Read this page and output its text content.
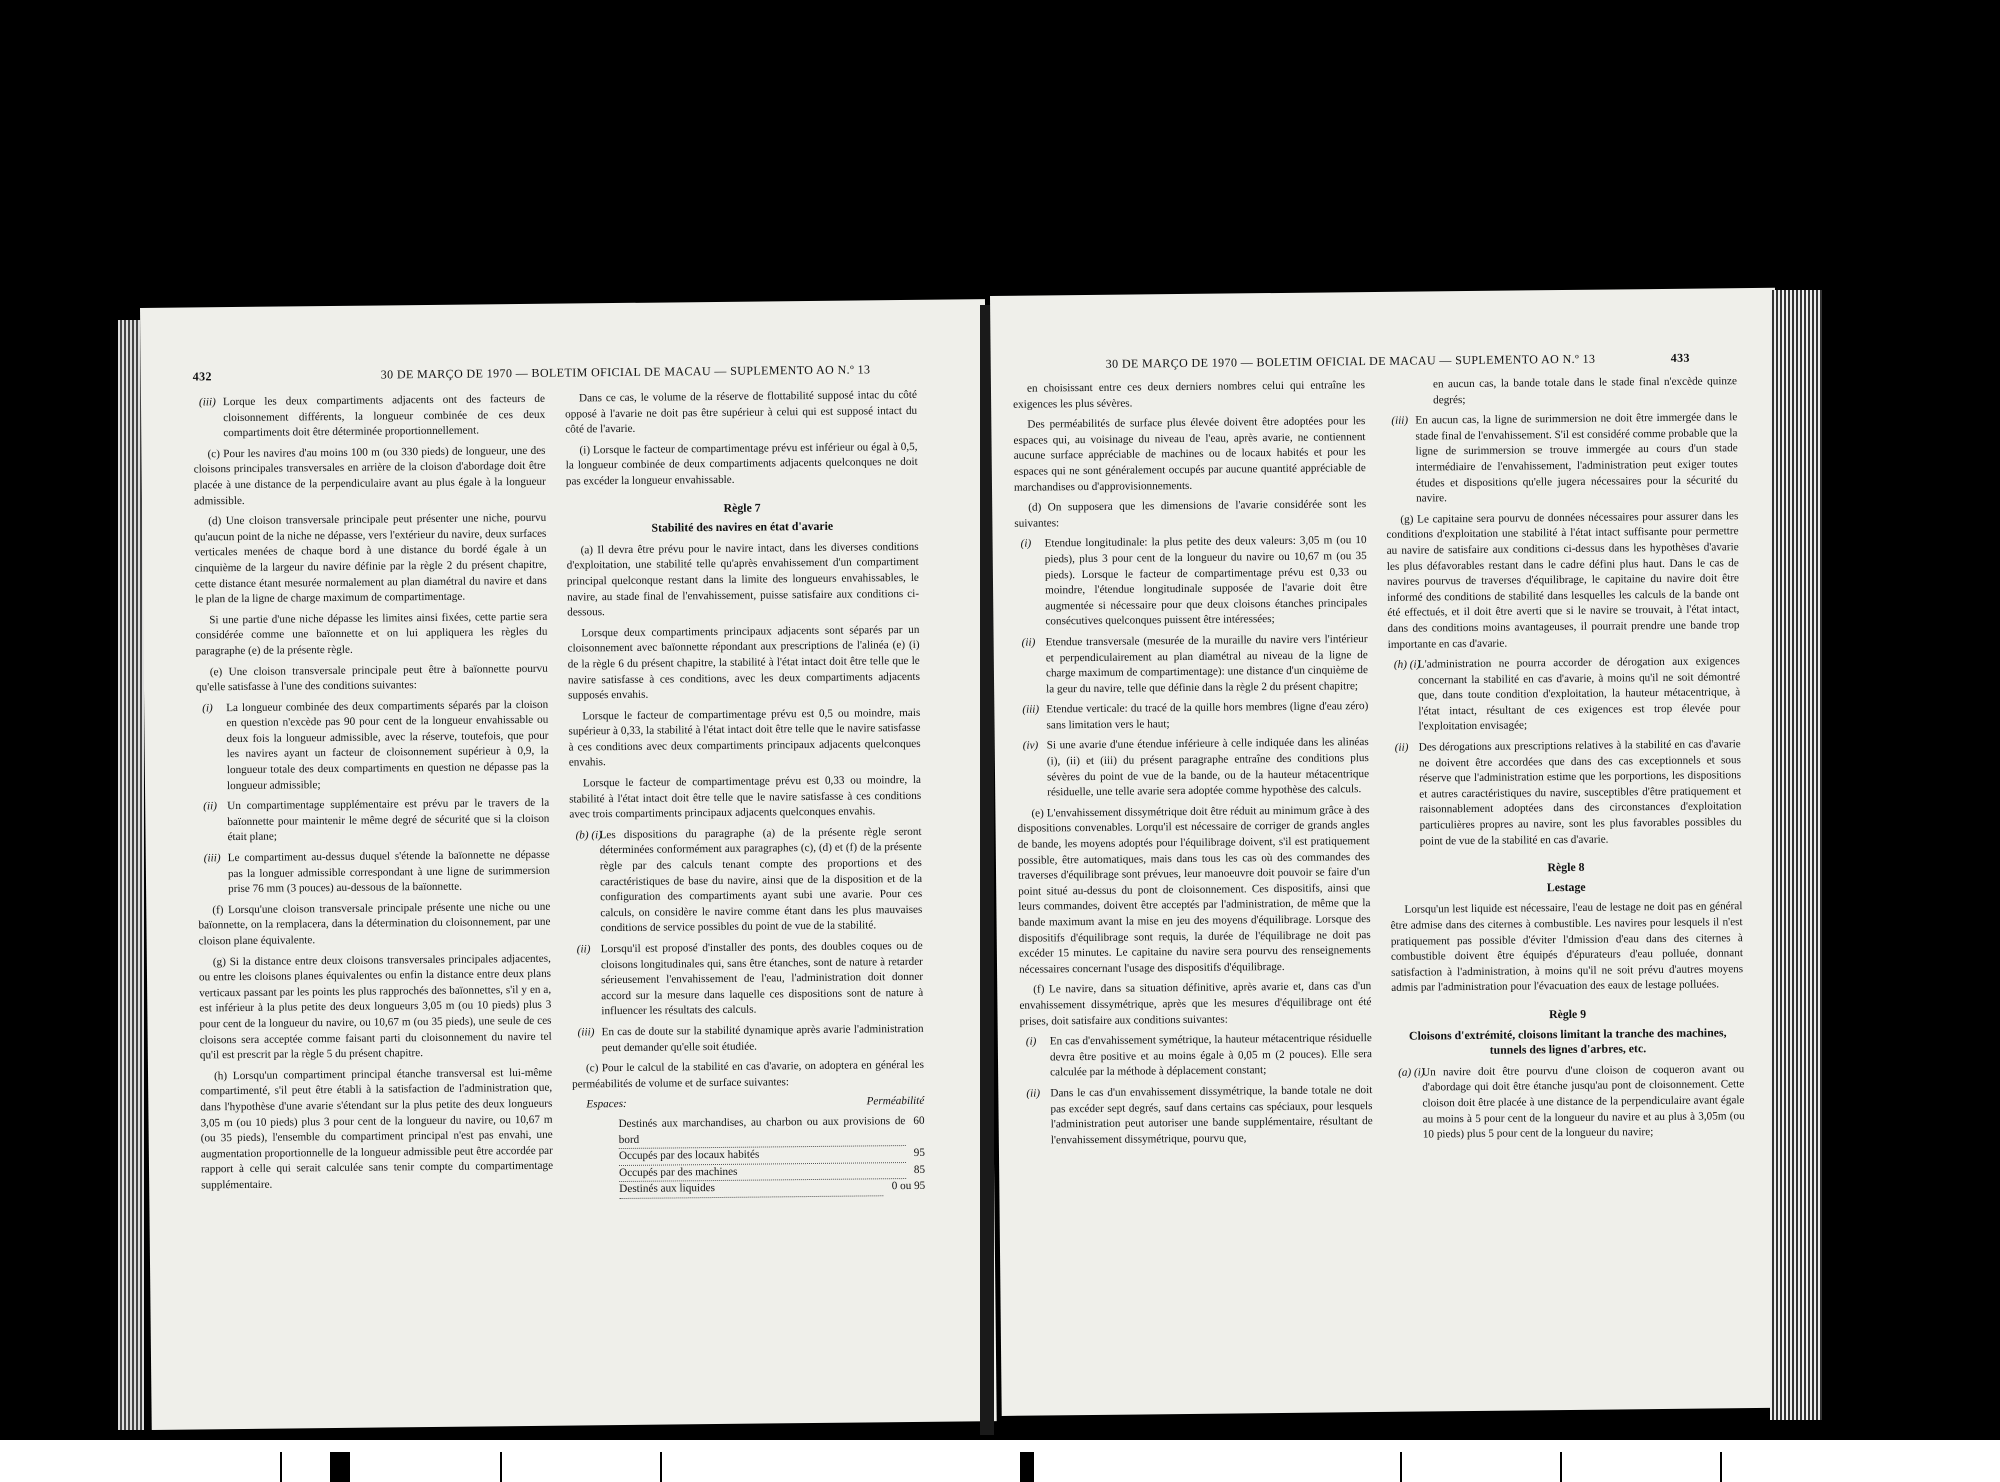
432	30 DE MARÇO DE 1970 — BOLETIM OFICIAL DE MACAU — SUPLEMENTO AO N.º 13

(iii) Lorque les deux compartiments adjacents ont des facteurs de cloisonnement différents, la longueur combinée de ces deux compartiments doit être déterminée proportionnellement.

(c) Pour les navires d'au moins 100 m (ou 330 pieds) de longueur, une des cloisons principales transversales en arrière de la cloison d'abordage doit être placée à une distance de la perpendiculaire avant au plus égale à la longueur admissible.

(d) Une cloison transversale principale peut présenter une niche, pourvu qu'aucun point de la niche ne dépasse, vers l'extérieur du navire, deux surfaces verticales menées de chaque bord à une distance du bordé égale à un cinquième de la largeur du navire définie par la règle 2 du présent chapitre, cette distance étant mesurée normalement au plan diamétral du navire et dans le plan de la ligne de charge maximum de compartimentage.

Si une partie d'une niche dépasse les limites ainsi fixées, cette partie sera considérée comme une baïonnette et on lui appliquera les règles du paragraphe (e) de la présente règle.

(e) Une cloison transversale principale peut être à baïonnette pourvu qu'elle satisfasse à l'une des conditions suivantes:

(i) La longueur combinée des deux compartiments séparés par la cloison en question n'excède pas 90 pour cent de la longueur envahissable ou deux fois la longueur admissible, avec la réserve, toutefois, que pour les navires ayant un facteur de cloisonnement supérieur à 0,9, la longueur totale des deux compartiments en question ne dépasse pas la longueur admissible;

(ii) Un compartimentage supplémentaire est prévu par le travers de la baïonnette pour maintenir le même degré de sécurité que si la cloison était plane;

(iii) Le compartiment au-dessus duquel s'étende la baïonnette ne dépasse pas la longuer admissible correspondant à une ligne de surimmersion prise 76 mm (3 pouces) au-dessous de la baïonnette.

(f) Lorsqu'une cloison transversale principale présente une niche ou une baïonnette, on la remplacera, dans la détermination du cloisonnement, par une cloison plane équivalente.

(g) Si la distance entre deux cloisons transversales principales adjacentes, ou entre les cloisons planes équivalentes ou enfin la distance entre deux plans verticaux passant par les points les plus rapprochés des baïonnettes, s'il y en a, est inférieur à la plus petite des deux longueurs 3,05 m (ou 10 pieds) plus 3 pour cent de la longueur du navire, ou 10,67 m (ou 35 pieds), une seule de ces cloisons sera acceptée comme faisant parti du cloisonnement du navire tel qu'il est prescrit par la règle 5 du présent chapitre.

(h) Lorsqu'un compartiment principal étanche transversal est lui-même compartimenté, s'il peut être établi à la satisfaction de l'administration que, dans l'hypothèse d'une avarie s'étendant sur la plus petite des deux longueurs 3,05 m (ou 10 pieds) plus 3 pour cent de la longueur du navire, ou 10,67 m (ou 35 pieds), l'ensemble du compartiment principal n'est pas envahi, une augmentation proportionnelle de la longueur admissible peut être accordée par rapport à celle qui serait calculée sans tenir compte du compartimentage supplémentaire.

Dans ce cas, le volume de la réserve de flottabilité supposé intac du côté opposé à l'avarie ne doit pas être supérieur à celui qui est supposé intact du côté de l'avarie.

(i) Lorsque le facteur de compartimentage prévu est inférieur ou égal à 0,5, la longueur combinée de deux compartiments adjacents quelconques ne doit pas excéder la longueur envahissable.

Règle 7
Stabilité des navires en état d'avarie

(a) Il devra être prévu pour le navire intact, dans les diverses conditions d'exploitation, une stabilité telle qu'après envahissement d'un compartiment principal quelconque restant dans la limite des longueurs envahissables, le navire, au stade final de l'envahissement, puisse satisfaire aux conditions ci-dessous.

Lorsque deux compartiments principaux adjacents sont séparés par un cloisonnement avec baïonnette répondant aux prescriptions de l'alinéa (e) (i) de la règle 6 du présent chapitre, la stabilité à l'état intact doit être telle que le navire satisfasse à ces conditions, avec les deux compartiments adjacents supposés envahis.

Lorsque le facteur de compartimentage prévu est 0,5 ou moindre, mais supérieur à 0,33, la stabilité à l'état intact doit être telle que le navire satisfasse à ces conditions avec deux compartiments principaux adjacents quelconques envahis.

Lorsque le facteur de compartimentage prévu est 0,33 ou moindre, la stabilité à l'état intact doit être telle que le navire satisfasse à ces conditions avec trois compartiments principaux adjacents quelconques envahis.

(b) (i)
Les dispositions du paragraphe (a) de la présente règle seront déterminées conformément aux paragraphes (c), (d) et (f) de la présente règle par des calculs tenant compte des proportions et des caractéristiques de base du navire, ainsi que de la disposition et de la configuration des compartiments ayant subi une avarie. Pour ces calculs, on considère le navire comme étant dans les plus mauvaises conditions de service possibles du point de vue de la stabilité.

(ii) Lorsqu'il est proposé d'installer des ponts, des doubles coques ou de cloisons longitudinales qui, sans être étanches, sont de nature à retarder sérieusement l'envahissement de l'eau, l'administration doit donner accord sur la mesure dans laquelle ces dispositions sont de nature à influencer les résultats des calculs.

(iii) En cas de doute sur la stabilité dynamique après avarie l'administration peut demander qu'elle soit étudiée.

(c) Pour le calcul de la stabilité en cas d'avarie, on adoptera en général les perméabilités de volume et de surface suivantes:

Espaces:	Perméabilité
Destinés aux marchandises, au charbon ou aux provisions de bord
60
Occupés par des locaux habités	95
Occupés par des machines	85
Destinés aux liquides	0 ou 95
30 DE MARÇO DE 1970 — BOLETIM OFICIAL DE MACAU — SUPLEMENTO AO N.º 13	433

en choisissant entre ces deux derniers nombres celui qui entraîne les exigences les plus sévères.

Des perméabilités de surface plus élevée doivent être adoptées pour les espaces qui, au voisinage du niveau de l'eau, après avarie, ne contiennent aucune surface appréciable de machines ou de locaux habités et pour les espaces qui ne sont généralement occupés par aucune quantité appréciable de marchandises ou d'approvisionnements.

(d) On supposera que les dimensions de l'avarie considérée sont les suivantes:

(i) Etendue longitudinale: la plus petite des deux valeurs: 3,05 m (ou 10 pieds), plus 3 pour cent de la longueur du navire ou 10,67 m (ou 35 pieds). Lorsque le facteur de compartimentage prévu est 0,33 ou moindre, l'étendue longitudinale supposée de l'avarie doit être augmentée si nécessaire pour que deux cloisons étanches principales consécutives quelconques puissent être intéressées;

(ii) Etendue transversale (mesurée de la muraille du navire vers l'intérieur et perpendiculairement au plan diamétral au niveau de la ligne de charge maximum de compartimentage): une distance d'un cinquième de la geur du navire, telle que définie dans la règle 2 du présent chapitre;

(iii) Etendue verticale: du tracé de la quille hors membres (ligne d'eau zéro) sans limitation vers le haut;

(iv) Si une avarie d'une étendue inférieure à celle indiquée dans les alinéas (i), (ii) et (iii) du présent paragraphe entraîne des conditions plus sévères du point de vue de la bande, ou de la hauteur métacentrique résiduelle, une telle avarie sera adoptée comme hypothèse des calculs.

(e) L'envahissement dissymétrique doit être réduit au minimum grâce à des dispositions convenables. Lorqu'il est nécessaire de corriger de grands angles de bande, les moyens adoptés pour l'équilibrage doivent, s'il est pratiquement possible, être automatiques, mais dans tous les cas où des commandes des traverses d'équilibrage sont prévues, leur manoeuvre doit pouvoir se faire d'un point situé au-dessus du pont de cloisonnement. Ces dispositifs, ainsi que leurs commandes, doivent être acceptés par l'administration, de même que la bande maximum avant la mise en jeu des moyens d'équilibrage. Lorsque des dispositifs d'équilibrage sont requis, la durée de l'équilibrage ne doit pas excéder 15 minutes. Le capitaine du navire sera pourvu des renseignements nécessaires concernant l'usage des dispositifs d'équilibrage.

(f) Le navire, dans sa situation définitive, après avarie et, dans cas d'un envahissement dissymétrique, après que les mesures d'équilibrage ont été prises, doit satisfaire aux conditions suivantes:

(i) En cas d'envahissement symétrique, la hauteur métacentrique résiduelle devra être positive et au moins égale à 0,05 m (2 pouces). Elle sera calculée par la méthode à déplacement constant;

(ii) Dans le cas d'un envahissement dissymétrique, la bande totale ne doit pas excéder sept degrés, sauf dans certains cas spéciaux, pour lesquels l'administration peut autoriser une bande supplémentaire, résultant de l'envahissement dissymétrique, pourvu que,

en aucun cas, la bande totale dans le stade final n'excède quinze degrés;

(iii) En aucun cas, la ligne de surimmersion ne doit être immergée dans le stade final de l'envahissement. S'il est considéré comme probable que la ligne de surimmersion se trouve immergée au cours d'un stade intermédiaire de l'envahissement, l'administration peut exiger toutes études et dispositions qu'elle jugera nécessaires pour la sécurité du navire.

(g) Le capitaine sera pourvu de données nécessaires pour assurer dans les conditions d'exploitation une stabilité à l'état intact suffisante pour permettre au navire de satisfaire aux conditions ci-dessus dans les hypothèses d'avarie les plus défavorables restant dans le cadre défini plus haut. Dans le cas de navires pourvus de traverses d'équilibrage, le capitaine du navire doit être informé des conditions de stabilité dans lesquelles les calculs de la bande ont été effectués, et il doit être averti que si le navire se trouvait, à l'état intact, dans des conditions moins avantageuses, il pourrait prendre une bande trop importante en cas d'avarie.

(h) (i)
L'administration ne pourra accorder de dérogation aux exigences concernant la stabilité en cas d'avarie, à moins qu'il ne soit démontré que, dans toute condition d'exploitation, la hauteur métacentrique, à l'état intact, résultant de ces exigences est trop élevée pour l'exploitation envisagée;

(ii) Des dérogations aux prescriptions relatives à la stabilité en cas d'avarie ne doivent être accordées que dans des cas exceptionnels et sous réserve que l'administration estime que les porportions, les dispositions et autres caractéristiques du navire, susceptibles d'être pratiquement et raisonnablement adoptées dans des circonstances d'exploitation particulières propres au navire, sont les plus favorables possibles du point de vue de la stabilité en cas d'avarie.

Règle 8
Lestage

Lorsqu'un lest liquide est nécessaire, l'eau de lestage ne doit pas en général être admise dans des citernes à combustible. Les navires pour lesquels il n'est pratiquement pas possible d'éviter l'dmission d'eau dans des citernes à combustible doivent être équipés d'épurateurs d'eau polluée, donnant satisfaction à l'administration, à moins qu'il ne soit prévu d'autres moyens admis par l'administration pour l'évacuation des eaux de lestage polluées.

Règle 9
Cloisons d'extrémité, cloisons limitant la tranche des machines, tunnels des lignes d'arbres, etc.

(a) (i)
Un navire doit être pourvu d'une cloison de coqueron avant ou d'abordage qui doit être étanche jusqu'au pont de cloisonnement. Cette cloison doit être placée à une distance de la perpendiculaire avant égale au moins à 5 pour cent de la longueur du navire et au plus à 3,05m (ou 10 pieds) plus 5 pour cent de la longueur du navire;
